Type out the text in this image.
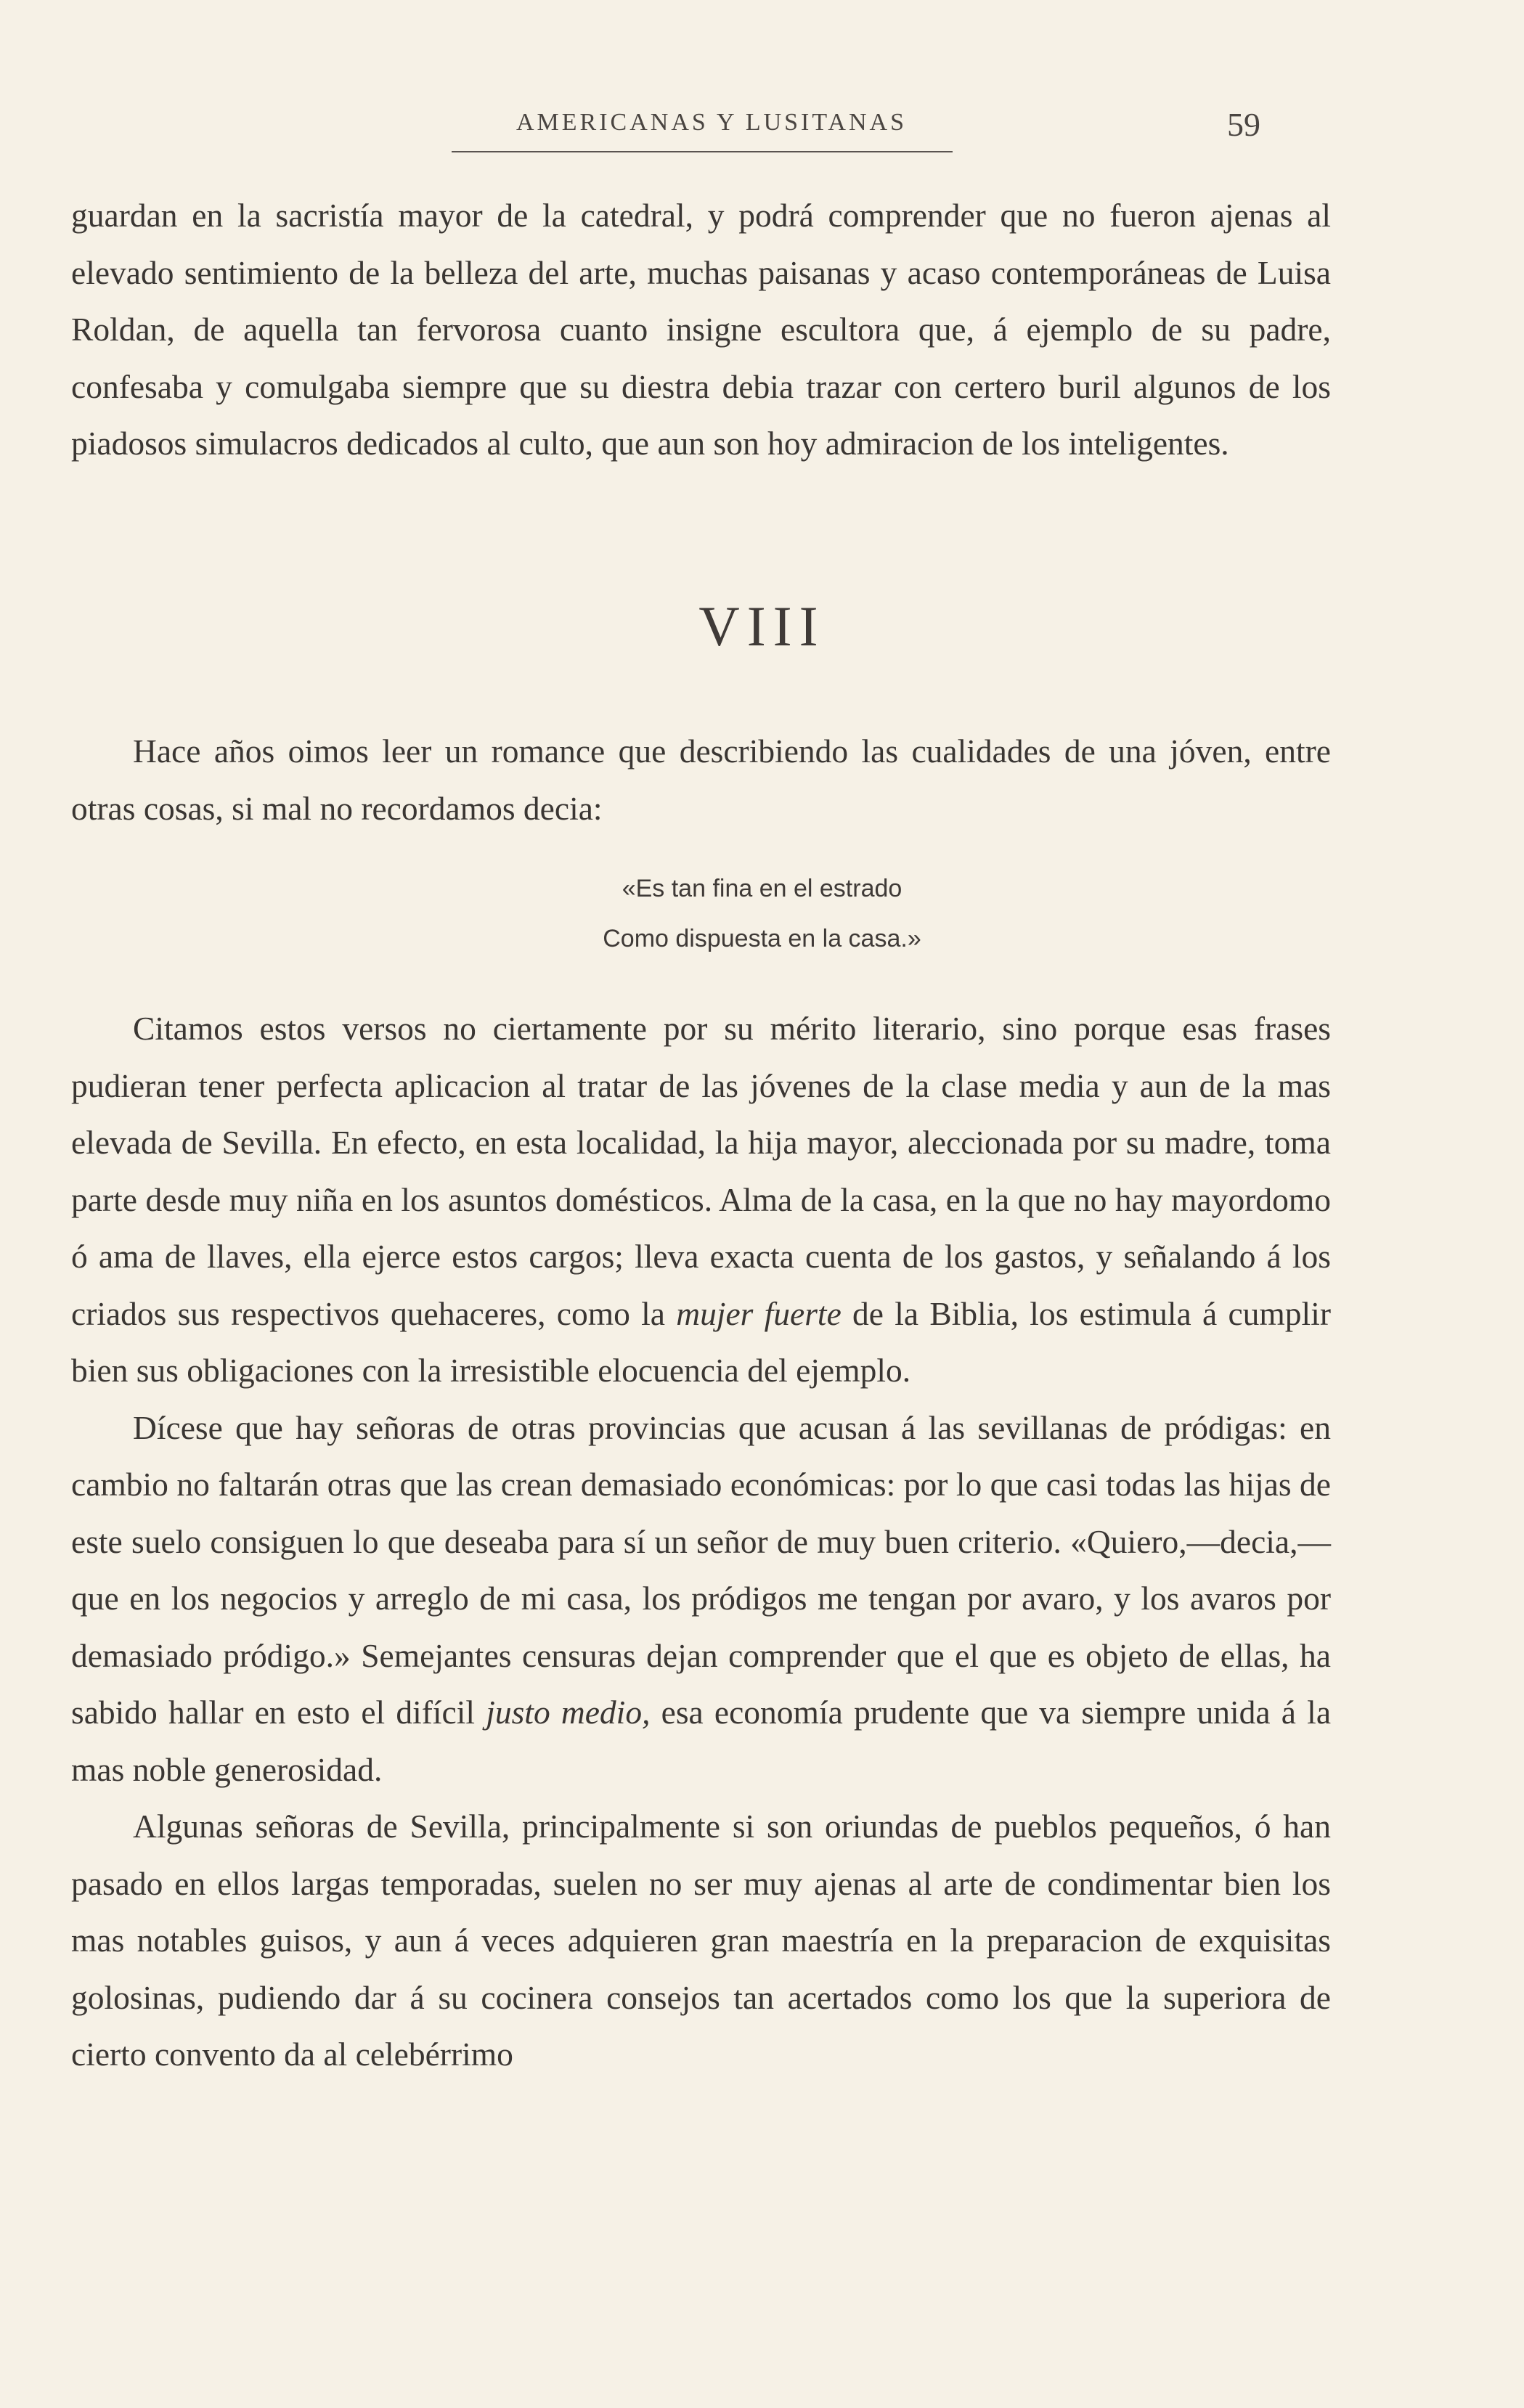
AMERICANAS Y LUSITANAS	59

guardan en la sacristía mayor de la catedral, y podrá comprender que no fueron ajenas al elevado sentimiento de la belleza del arte, muchas paisanas y acaso contemporáneas de Luisa Roldan, de aquella tan fervorosa cuanto insigne escultora que, á ejemplo de su padre, confesaba y comulgaba siempre que su diestra debia trazar con certero buril algunos de los piadosos simulacros dedicados al culto, que aun son hoy admiracion de los inteligentes.

VIII

Hace años oimos leer un romance que describiendo las cualidades de una jóven, entre otras cosas, si mal no recordamos decia:

«Es tan fina en el estrado
Como dispuesta en la casa.»

Citamos estos versos no ciertamente por su mérito literario, sino porque esas frases pudieran tener perfecta aplicacion al tratar de las jóvenes de la clase media y aun de la mas elevada de Sevilla. En efecto, en esta localidad, la hija mayor, aleccionada por su madre, toma parte desde muy niña en los asuntos domésticos. Alma de la casa, en la que no hay mayordomo ó ama de llaves, ella ejerce estos cargos; lleva exacta cuenta de los gastos, y señalando á los criados sus respectivos quehaceres, como la mujer fuerte de la Biblia, los estimula á cumplir bien sus obligaciones con la irresistible elocuencia del ejemplo.

Dícese que hay señoras de otras provincias que acusan á las sevillanas de pródigas: en cambio no faltarán otras que las crean demasiado económicas: por lo que casi todas las hijas de este suelo consiguen lo que deseaba para sí un señor de muy buen criterio. «Quiero,—decia,—que en los negocios y arreglo de mi casa, los pródigos me tengan por avaro, y los avaros por demasiado pródigo.» Semejantes censuras dejan comprender que el que es objeto de ellas, ha sabido hallar en esto el difícil justo medio, esa economía prudente que va siempre unida á la mas noble generosidad.

Algunas señoras de Sevilla, principalmente si son oriundas de pueblos pequeños, ó han pasado en ellos largas temporadas, suelen no ser muy ajenas al arte de condimentar bien los mas notables guisos, y aun á veces adquieren gran maestría en la preparacion de exquisitas golosinas, pudiendo dar á su cocinera consejos tan acertados como los que la superiora de cierto convento da al celebérrimo
